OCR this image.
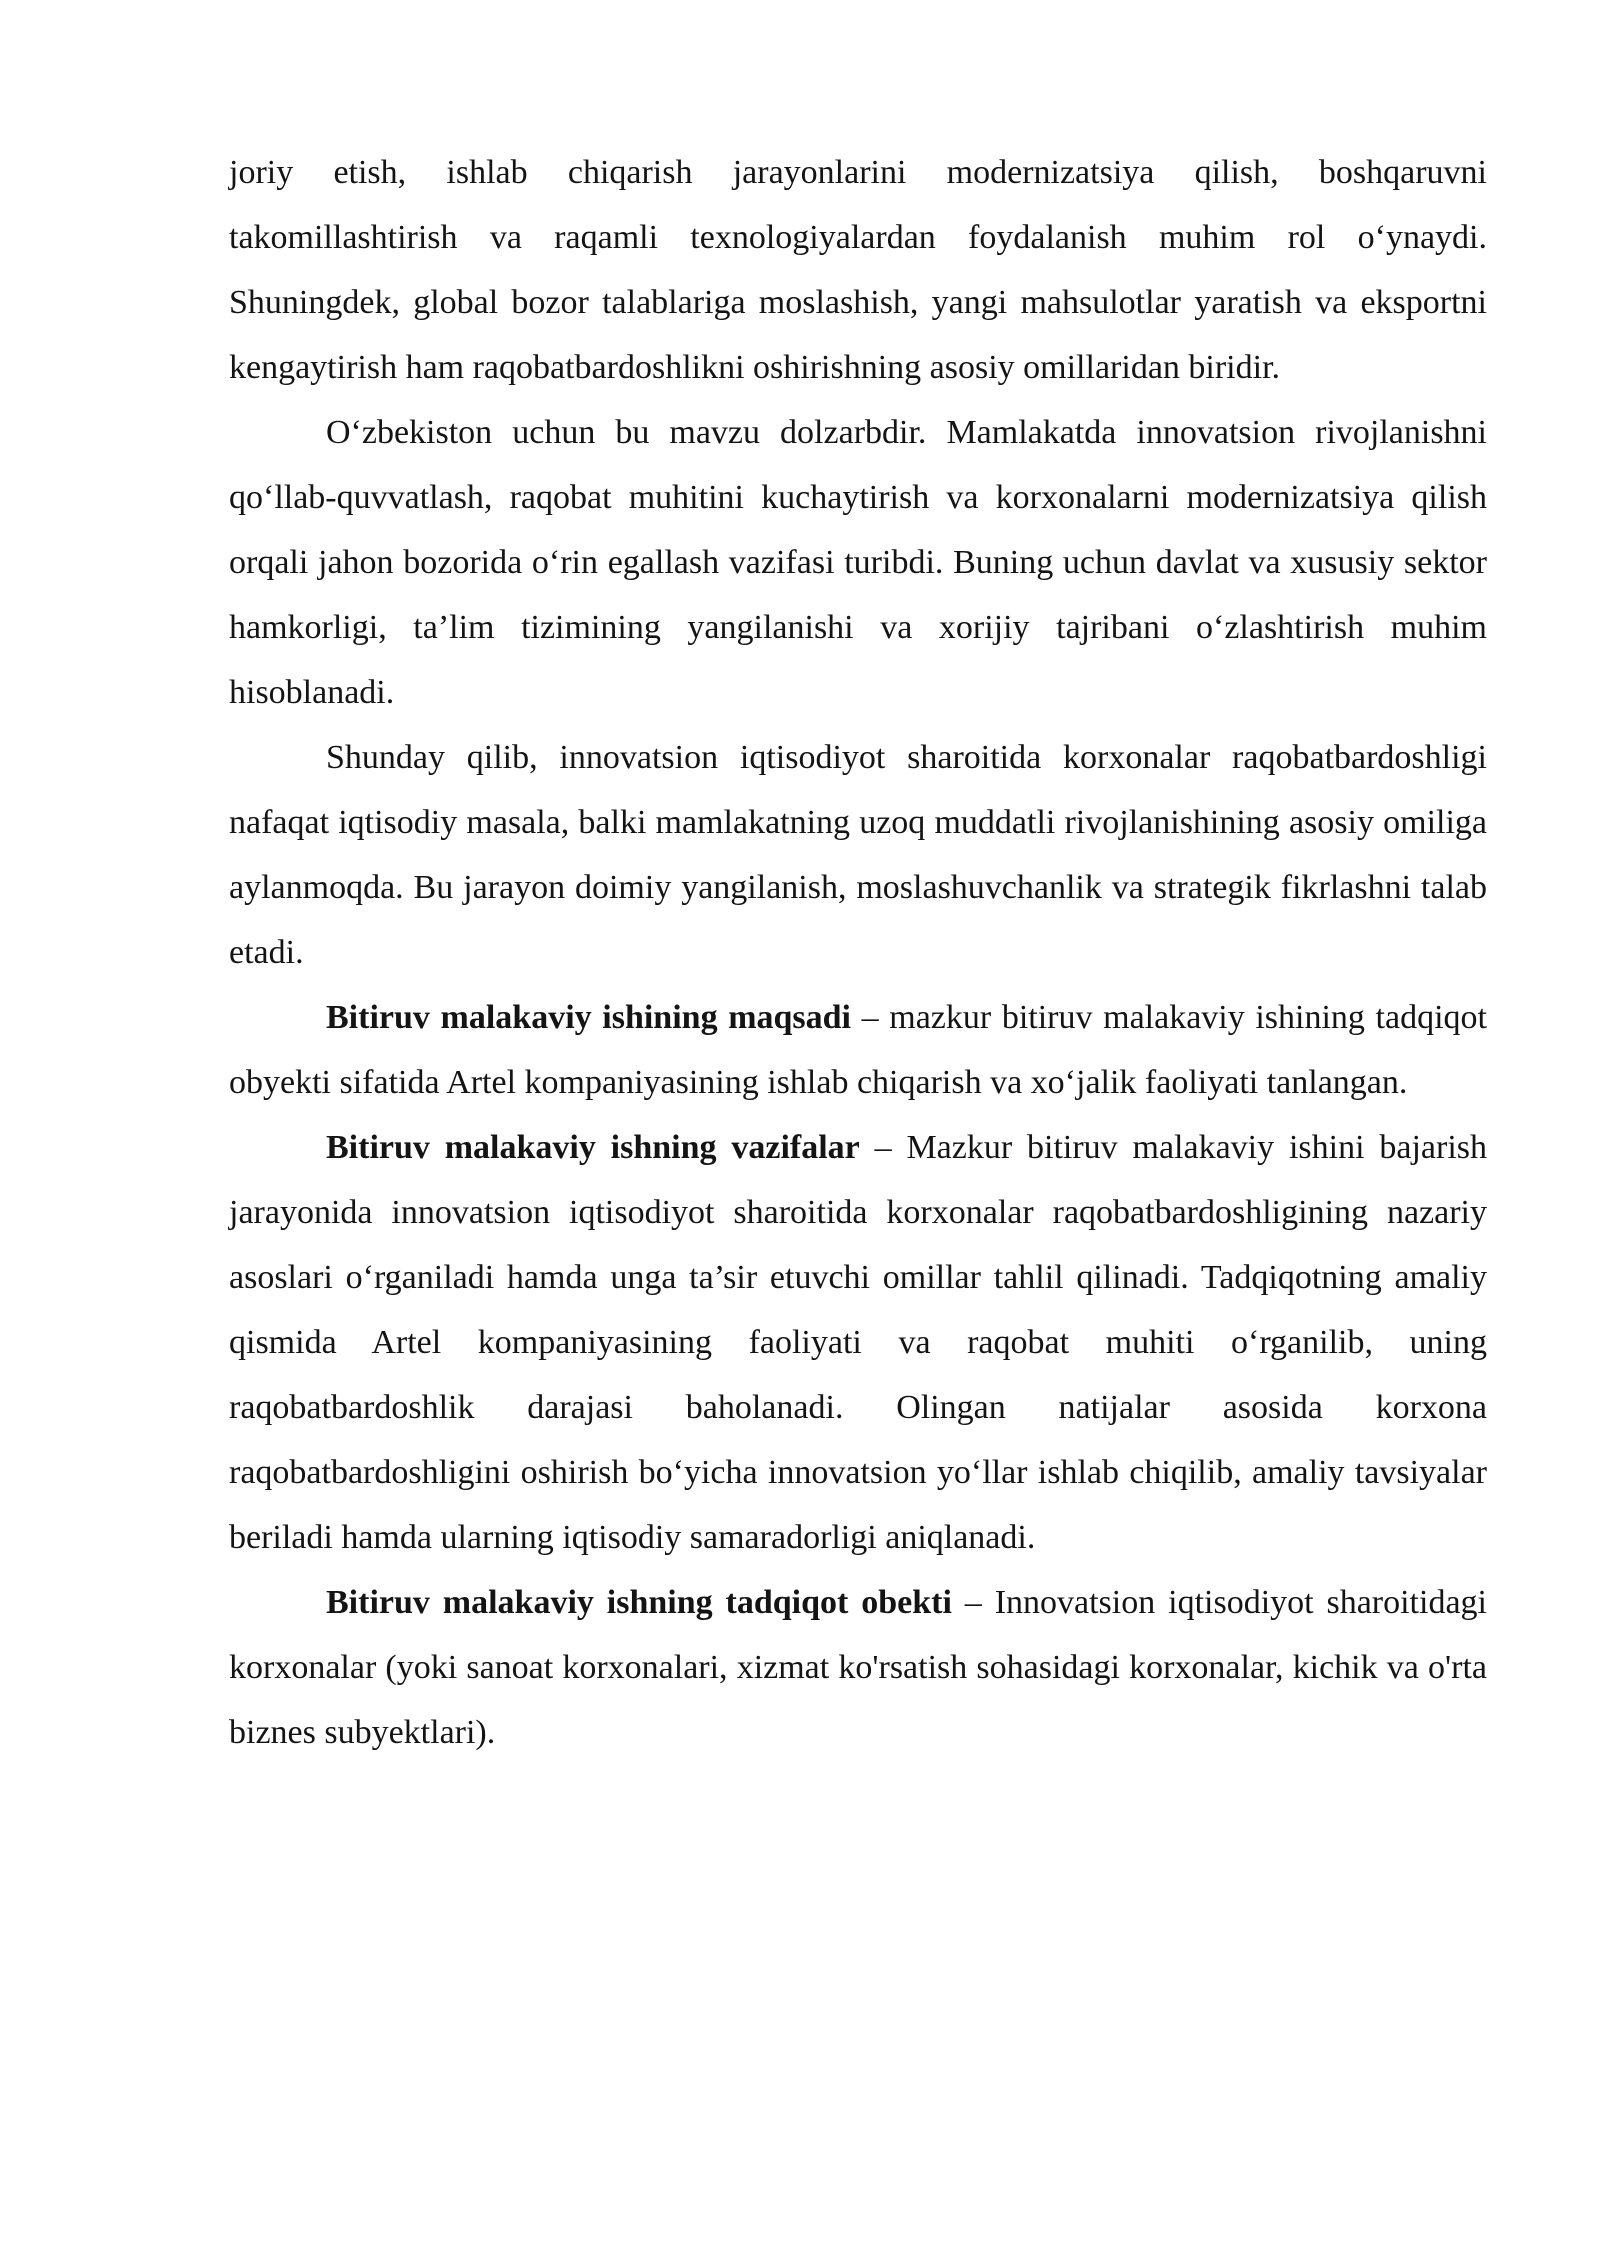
joriy etish, ishlab chiqarish jarayonlarini modernizatsiya qilish, boshqaruvni takomillashtirish va raqamli texnologiyalardan foydalanish muhim rol o‘ynaydi. Shuningdek, global bozor talablariga moslashish, yangi mahsulotlar yaratish va eksportni kengaytirish ham raqobatbardoshlikni oshirishning asosiy omillaridan biridir.

O‘zbekiston uchun bu mavzu dolzarbdir. Mamlakatda innovatsion rivojlanishni qo‘llab-quvvatlash, raqobat muhitini kuchaytirish va korxonalarni modernizatsiya qilish orqali jahon bozorida o‘rin egallash vazifasi turibdi. Buning uchun davlat va xususiy sektor hamkorligi, ta’lim tizimining yangilanishi va xorijiy tajribani o‘zlashtirish muhim hisoblanadi.

Shunday qilib, innovatsion iqtisodiyot sharoitida korxonalar raqobatbardoshligi nafaqat iqtisodiy masala, balki mamlakatning uzoq muddatli rivojlanishining asosiy omiliga aylanmoqda. Bu jarayon doimiy yangilanish, moslashuvchanlik va strategik fikrlashni talab etadi.

Bitiruv malakaviy ishining maqsadi – mazkur bitiruv malakaviy ishining tadqiqot obyekti sifatida Artel kompaniyasining ishlab chiqarish va xo‘jalik faoliyati tanlangan.

Bitiruv malakaviy ishning vazifalar – Mazkur bitiruv malakaviy ishini bajarish jarayonida innovatsion iqtisodiyot sharoitida korxonalar raqobatbardoshligining nazariy asoslari o‘rganiladi hamda unga ta’sir etuvchi omillar tahlil qilinadi. Tadqiqotning amaliy qismida Artel kompaniyasining faoliyati va raqobat muhiti o‘rganilib, uning raqobatbardoshlik darajasi baholanadi. Olingan natijalar asosida korxona raqobatbardoshligini oshirish bo‘yicha innovatsion yo‘llar ishlab chiqilib, amaliy tavsiyalar beriladi hamda ularning iqtisodiy samaradorligi aniqlanadi.

Bitiruv malakaviy ishning tadqiqot obekti – Innovatsion iqtisodiyot sharoitidagi korxonalar (yoki sanoat korxonalari, xizmat ko'rsatish sohasidagi korxonalar, kichik va o'rta biznes subyektlari).
